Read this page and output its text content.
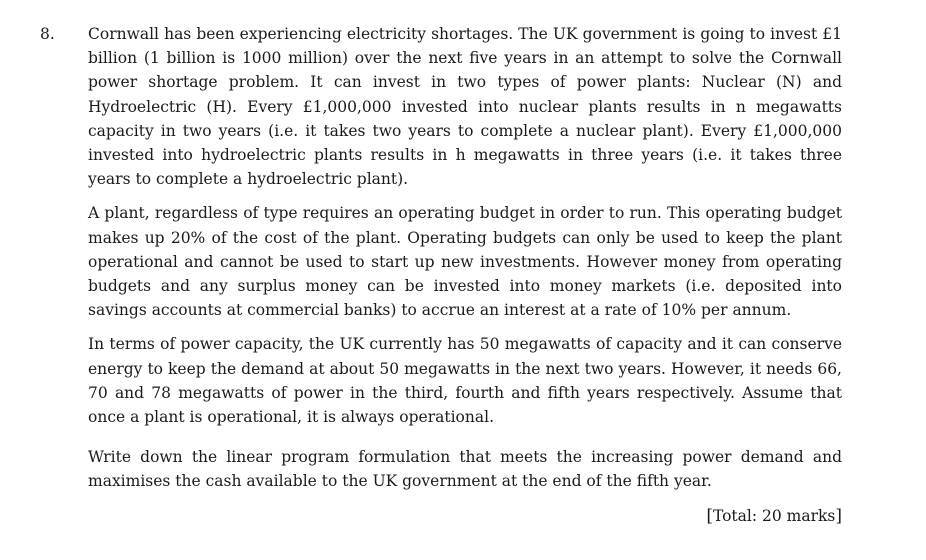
8. Cornwall has been experiencing electricity shortages. The UK government is going to invest £1 billion (1 billion is 1000 million) over the next five years in an attempt to solve the Cornwall power shortage problem. It can invest in two types of power plants: Nuclear (N) and Hydroelectric (H). Every £1,000,000 invested into nuclear plants results in n megawatts capacity in two years (i.e. it takes two years to complete a nuclear plant). Every £1,000,000 invested into hydroelectric plants results in h megawatts in three years (i.e. it takes three years to complete a hydroelectric plant).

A plant, regardless of type requires an operating budget in order to run. This operating budget makes up 20% of the cost of the plant. Operating budgets can only be used to keep the plant operational and cannot be used to start up new investments. However money from operating budgets and any surplus money can be invested into money markets (i.e. deposited into savings accounts at commercial banks) to accrue an interest at a rate of 10% per annum.

In terms of power capacity, the UK currently has 50 megawatts of capacity and it can conserve energy to keep the demand at about 50 megawatts in the next two years. However, it needs 66, 70 and 78 megawatts of power in the third, fourth and fifth years respectively. Assume that once a plant is operational, it is always operational.

Write down the linear program formulation that meets the increasing power demand and maximises the cash available to the UK government at the end of the fifth year.

[Total: 20 marks]
